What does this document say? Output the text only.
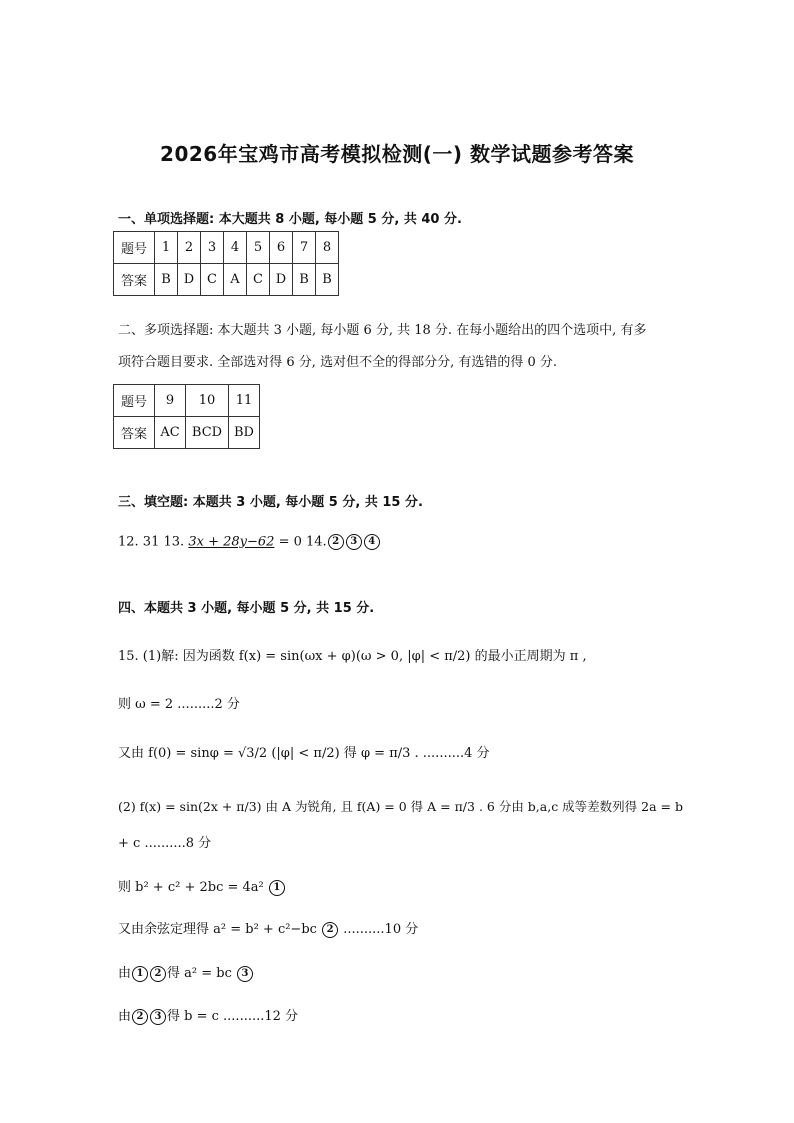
2026年宝鸡市高考模拟检测(一) 数学试题参考答案
一、单项选择题: 本大题共 8 小题, 每小题 5 分, 共 40 分.
题号	1	2	3	4	5	6	7	8
答案	B	D	C	A	C	D	B	B
二、多项选择题: 本大题共 3 小题, 每小题 6 分, 共 18 分. 在每小题给出的四个选项中, 有多
项符合题目要求. 全部选对得 6 分, 选对但不全的得部分分, 有选错的得 0 分.
题号	9	10	11
答案	AC	BCD	BD
三、填空题: 本题共 3 小题, 每小题 5 分, 共 15 分.
12. 31 13. 3x + 28y−62 = 0 14. 2 3 4
四、本题共 3 小题, 每小题 5 分, 共 15 分.
15. (1)解: 因为函数 f(x) = sin(ωx + φ)(ω > 0, |φ| < π/2) 的最小正周期为 π ,
则 ω = 2 .........2 分
又由 f(0) = sinφ = √3/2 (|φ| < π/2) 得 φ = π/3 . ..........4 分
(2) f(x) = sin(2x + π/3) 由 A 为锐角, 且 f(A) = 0 得 A = π/3 . 6 分由 b,a,c 成等差数列得 2a = b
+ c ..........8 分
则 b² + c² + 2bc = 4a² 1
又由余弦定理得 a² = b² + c²−bc 2 ..........10 分
由 1 2 得 a² = bc 3
由 2 3 得 b = c ..........12 分
